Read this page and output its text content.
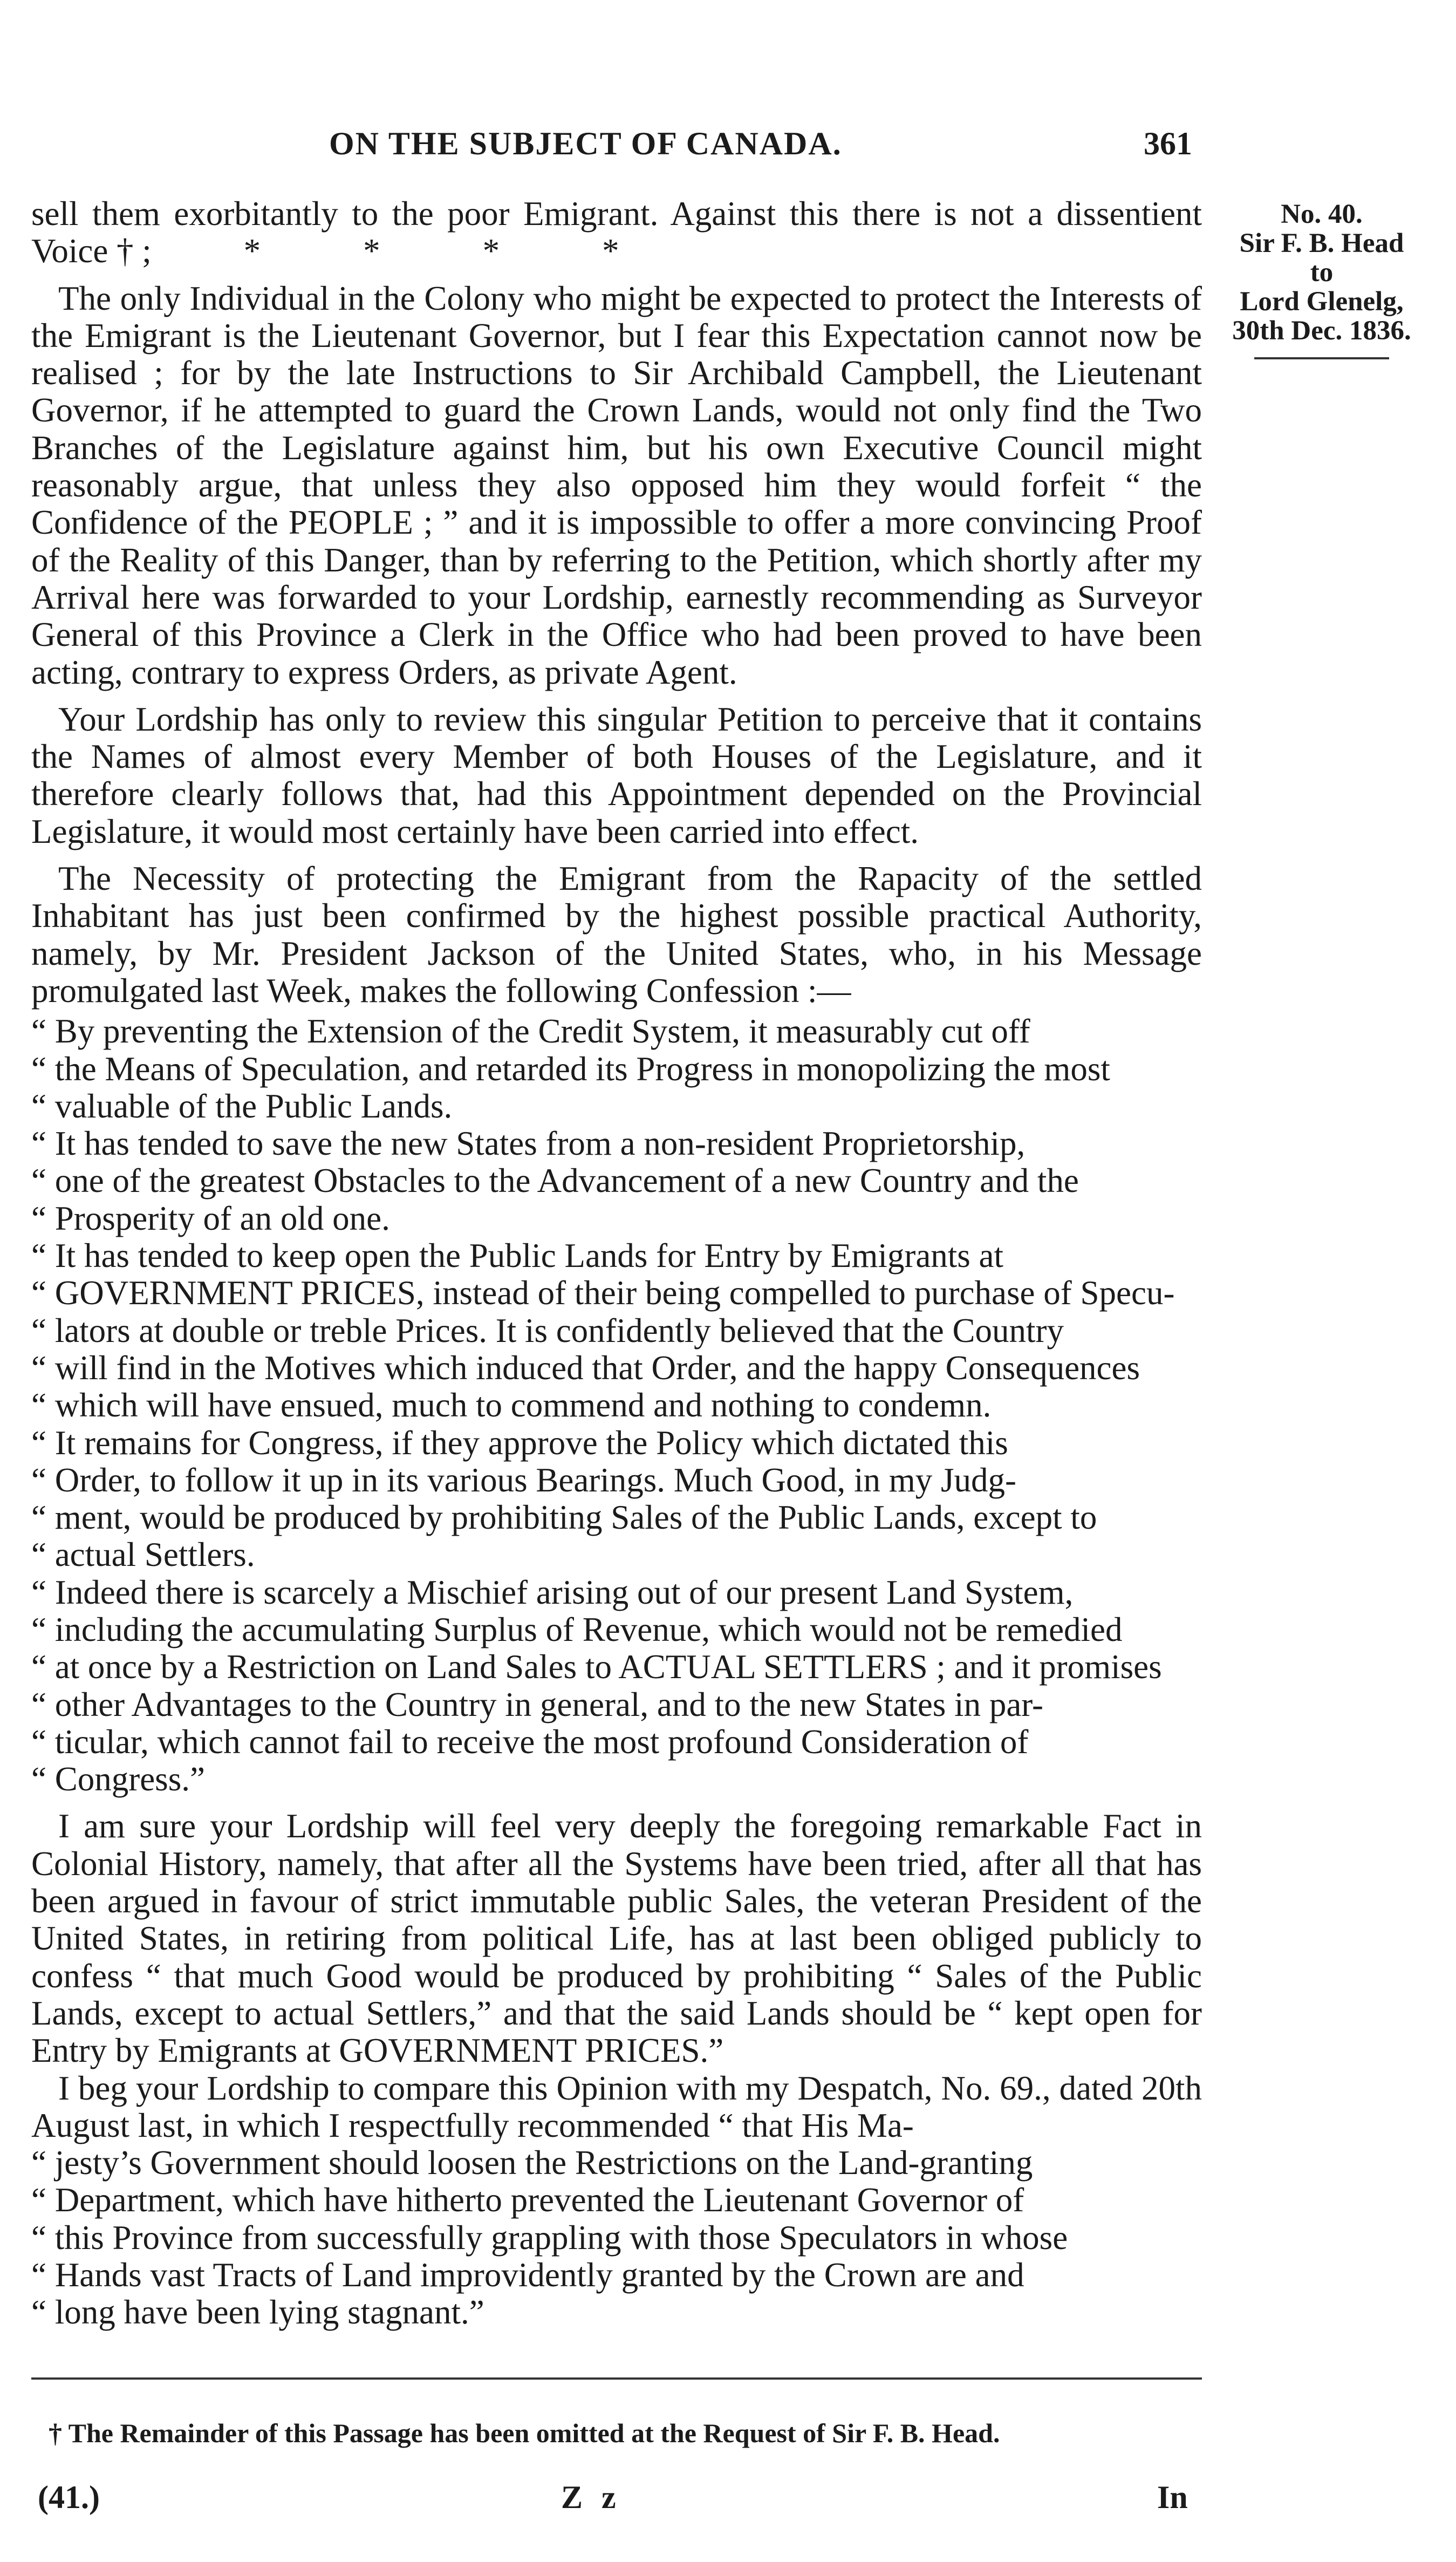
ON THE SUBJECT OF CANADA.	361
No. 40.
Sir F. B. Head
to
Lord Glenelg,
30th Dec. 1836.

sell them exorbitantly to the poor Emigrant. Against this there is not a dissentient Voice † ;	*	*	*	*

The only Individual in the Colony who might be expected to protect the Interests of the Emigrant is the Lieutenant Governor, but I fear this Expectation cannot now be realised ; for by the late Instructions to Sir Archibald Campbell, the Lieutenant Governor, if he attempted to guard the Crown Lands, would not only find the Two Branches of the Legislature against him, but his own Executive Council might reasonably argue, that unless they also opposed him they would forfeit “ the Confidence of the PEOPLE ; ” and it is impossible to offer a more convincing Proof of the Reality of this Danger, than by referring to the Petition, which shortly after my Arrival here was forwarded to your Lordship, earnestly recommending as Surveyor General of this Province a Clerk in the Office who had been proved to have been acting, contrary to express Orders, as private Agent.

Your Lordship has only to review this singular Petition to perceive that it contains the Names of almost every Member of both Houses of the Legislature, and it therefore clearly follows that, had this Appointment depended on the Provincial Legislature, it would most certainly have been carried into effect.

The Necessity of protecting the Emigrant from the Rapacity of the settled Inhabitant has just been confirmed by the highest possible practical Authority, namely, by Mr. President Jackson of the United States, who, in his Message promulgated last Week, makes the following Confession :—

“ By preventing the Extension of the Credit System, it measurably cut off
“ the Means of Speculation, and retarded its Progress in monopolizing the most
“ valuable of the Public Lands.
“ It has tended to save the new States from a non-resident Proprietorship,
“ one of the greatest Obstacles to the Advancement of a new Country and the
“ Prosperity of an old one.
“ It has tended to keep open the Public Lands for Entry by Emigrants at
“ GOVERNMENT PRICES, instead of their being compelled to purchase of Specu-
“ lators at double or treble Prices. It is confidently believed that the Country
“ will find in the Motives which induced that Order, and the happy Consequences
“ which will have ensued, much to commend and nothing to condemn.
“ It remains for Congress, if they approve the Policy which dictated this
“ Order, to follow it up in its various Bearings. Much Good, in my Judg-
“ ment, would be produced by prohibiting Sales of the Public Lands, except to
“ actual Settlers.
“ Indeed there is scarcely a Mischief arising out of our present Land System,
“ including the accumulating Surplus of Revenue, which would not be remedied
“ at once by a Restriction on Land Sales to ACTUAL SETTLERS ; and it promises
“ other Advantages to the Country in general, and to the new States in par-
“ ticular, which cannot fail to receive the most profound Consideration of
“ Congress.”

I am sure your Lordship will feel very deeply the foregoing remarkable Fact in Colonial History, namely, that after all the Systems have been tried, after all that has been argued in favour of strict immutable public Sales, the veteran President of the United States, in retiring from political Life, has at last been obliged publicly to confess “ that much Good would be produced by prohibiting “ Sales of the Public Lands, except to actual Settlers,” and that the said Lands should be “ kept open for Entry by Emigrants at GOVERNMENT PRICES.”

I beg your Lordship to compare this Opinion with my Despatch, No. 69., dated 20th August last, in which I respectfully recommended “ that His Ma-
“ jesty’s Government should loosen the Restrictions on the Land-granting
“ Department, which have hitherto prevented the Lieutenant Governor of
“ this Province from successfully grappling with those Speculators in whose
“ Hands vast Tracts of Land improvidently granted by the Crown are and
“ long have been lying stagnant.”
† The Remainder of this Passage has been omitted at the Request of Sir F. B. Head.
(41.)	Z z	In
